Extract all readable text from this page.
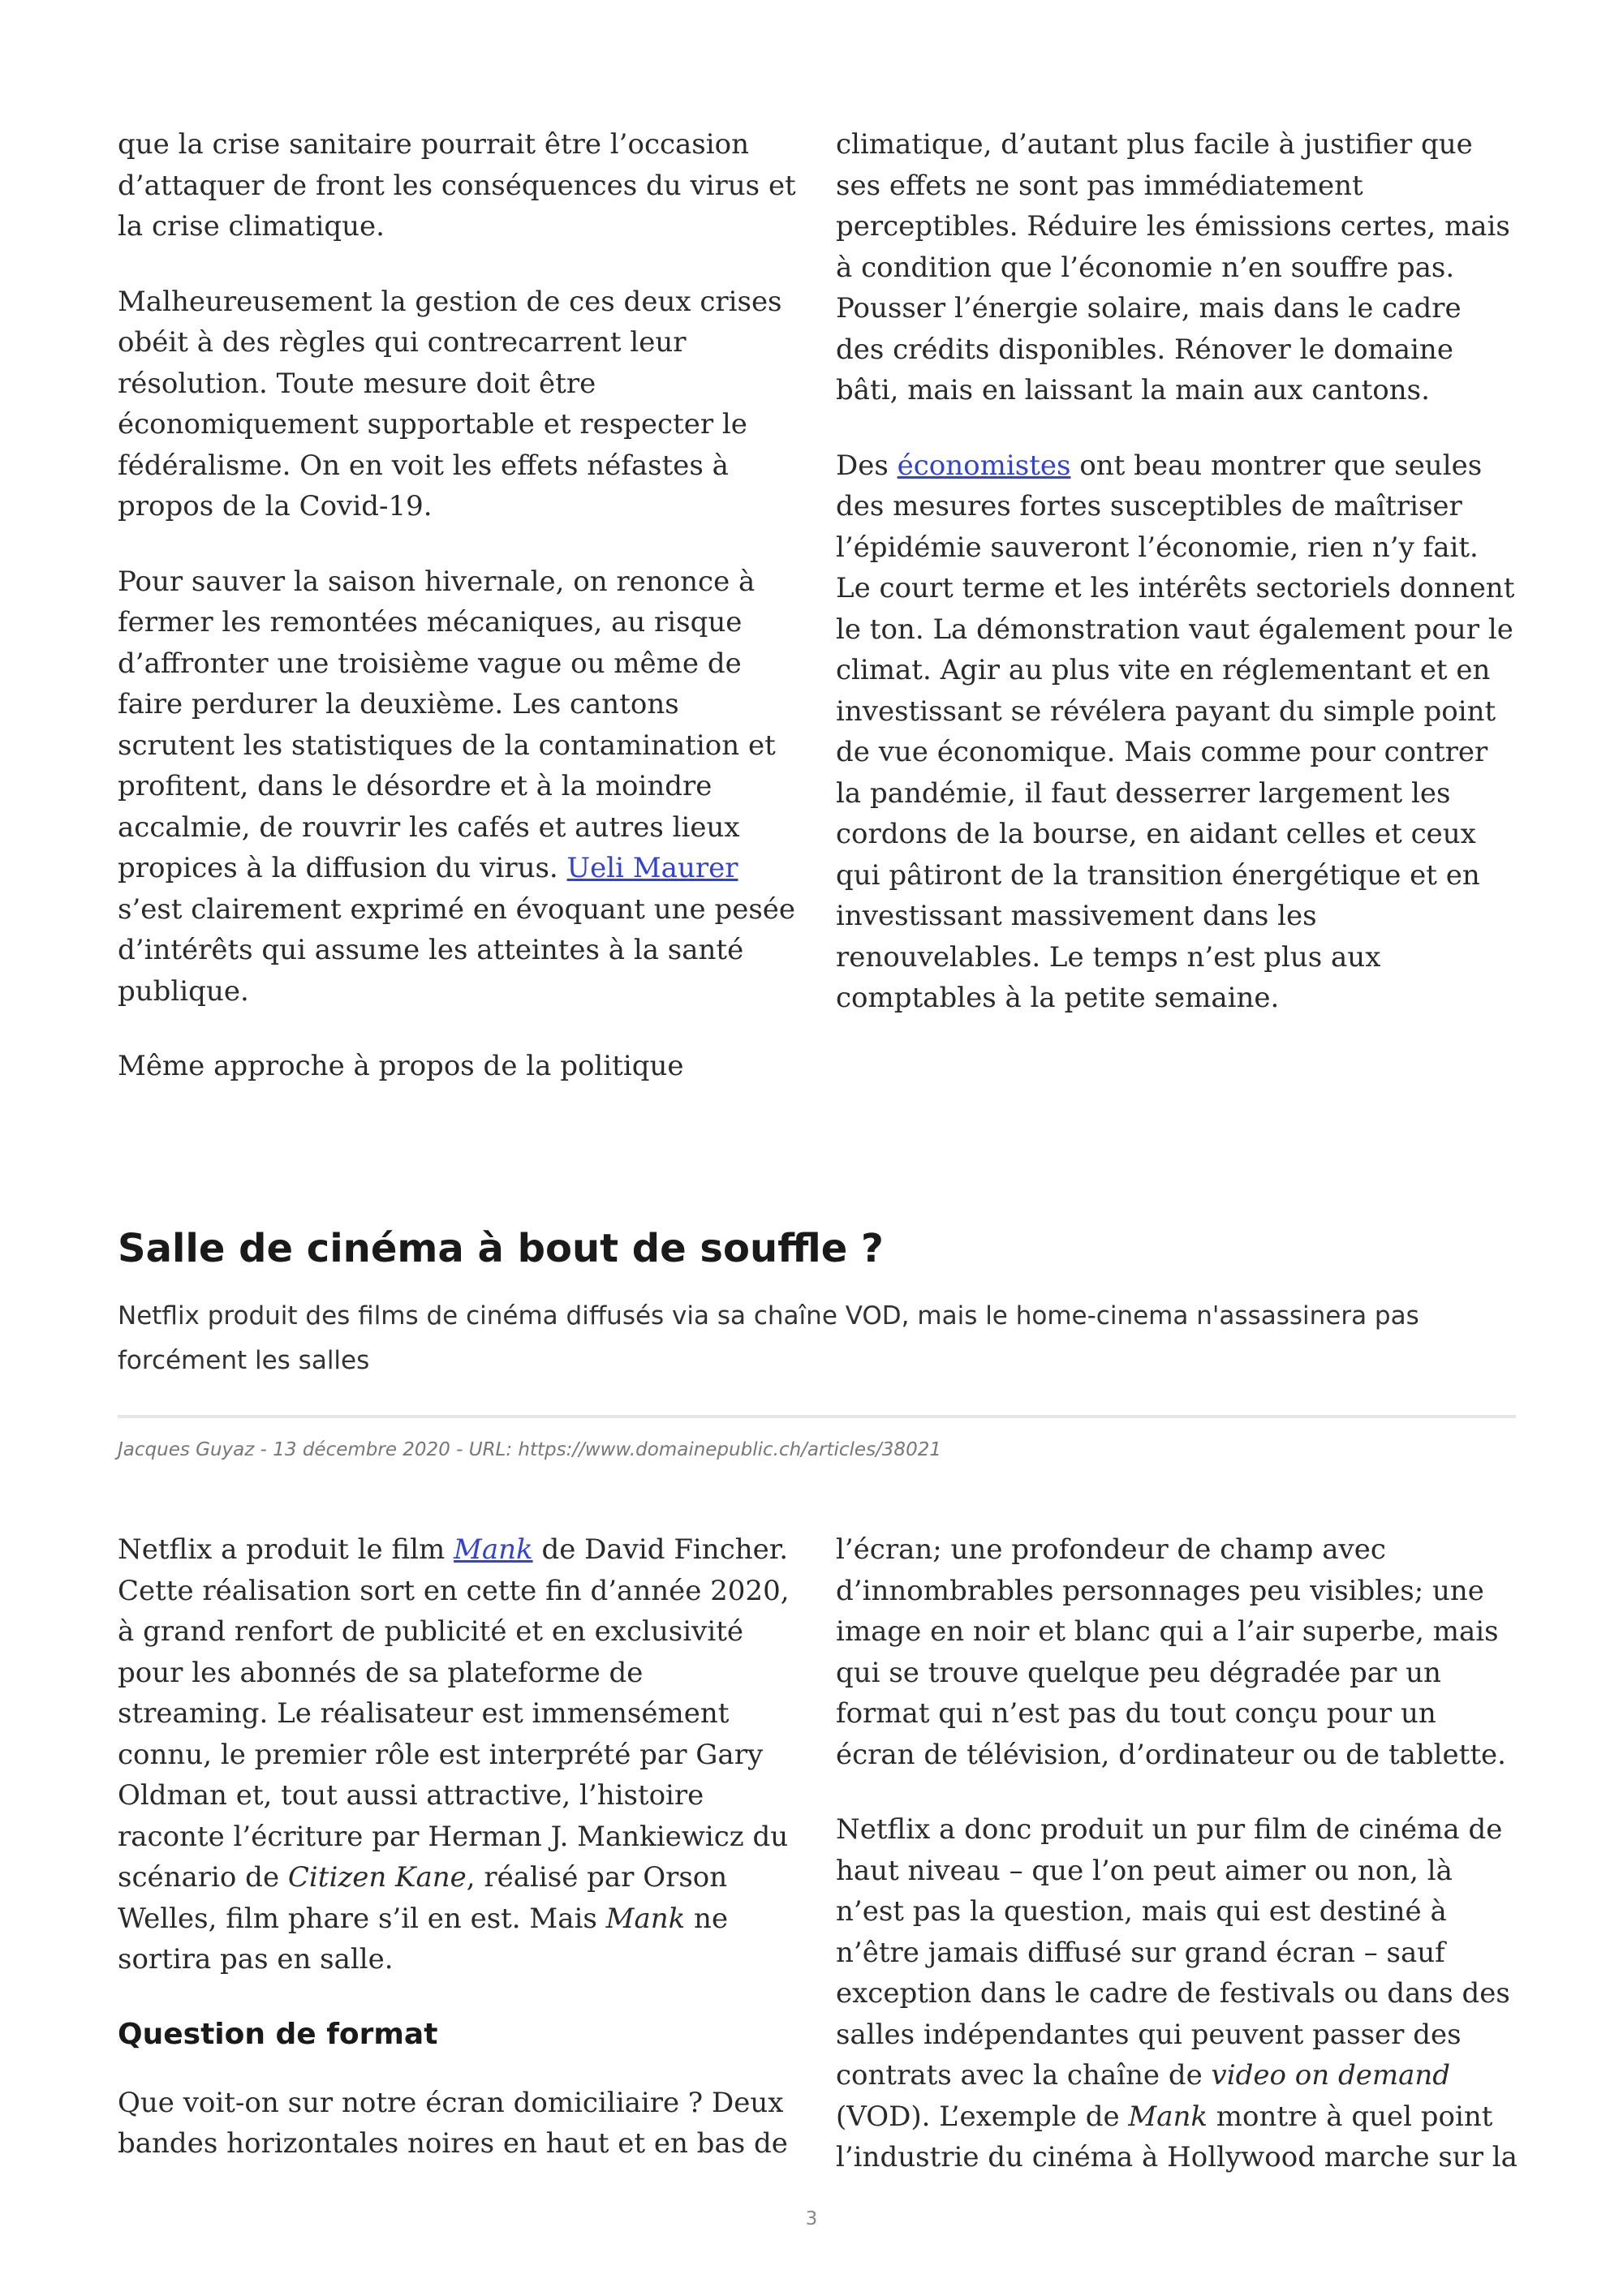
que la crise sanitaire pourrait être l’occasion d’attaquer de front les conséquences du virus et la crise climatique.

Malheureusement la gestion de ces deux crises obéit à des règles qui contrecarrent leur résolution. Toute mesure doit être économiquement supportable et respecter le fédéralisme. On en voit les effets néfastes à propos de la Covid-19.

Pour sauver la saison hivernale, on renonce à fermer les remontées mécaniques, au risque d’affronter une troisième vague ou même de faire perdurer la deuxième. Les cantons scrutent les statistiques de la contamination et profitent, dans le désordre et à la moindre accalmie, de rouvrir les cafés et autres lieux propices à la diffusion du virus. Ueli Maurer s’est clairement exprimé en évoquant une pesée d’intérêts qui assume les atteintes à la santé publique.

Même approche à propos de la politique

climatique, d’autant plus facile à justifier que ses effets ne sont pas immédiatement perceptibles. Réduire les émissions certes, mais à condition que l’économie n’en souffre pas. Pousser l’énergie solaire, mais dans le cadre des crédits disponibles. Rénover le domaine bâti, mais en laissant la main aux cantons.

Des économistes ont beau montrer que seules des mesures fortes susceptibles de maîtriser l’épidémie sauveront l’économie, rien n’y fait. Le court terme et les intérêts sectoriels donnent le ton. La démonstration vaut également pour le climat. Agir au plus vite en réglementant et en investissant se révélera payant du simple point de vue économique. Mais comme pour contrer la pandémie, il faut desserrer largement les cordons de la bourse, en aidant celles et ceux qui pâtiront de la transition énergétique et en investissant massivement dans les renouvelables. Le temps n’est plus aux comptables à la petite semaine.

Salle de cinéma à bout de souffle ?

Netflix produit des films de cinéma diffusés via sa chaîne VOD, mais le home-cinema n'assassinera pas forcément les salles

Jacques Guyaz - 13 décembre 2020 - URL: https://www.domainepublic.ch/articles/38021

Netflix a produit le film Mank de David Fincher. Cette réalisation sort en cette fin d’année 2020, à grand renfort de publicité et en exclusivité pour les abonnés de sa plateforme de streaming. Le réalisateur est immensément connu, le premier rôle est interprété par Gary Oldman et, tout aussi attractive, l’histoire raconte l’écriture par Herman J. Mankiewicz du scénario de Citizen Kane, réalisé par Orson Welles, film phare s’il en est. Mais Mank ne sortira pas en salle.

Question de format

Que voit-on sur notre écran domiciliaire ? Deux bandes horizontales noires en haut et en bas de

l’écran; une profondeur de champ avec d’innombrables personnages peu visibles; une image en noir et blanc qui a l’air superbe, mais qui se trouve quelque peu dégradée par un format qui n’est pas du tout conçu pour un écran de télévision, d’ordinateur ou de tablette.

Netflix a donc produit un pur film de cinéma de haut niveau – que l’on peut aimer ou non, là n’est pas la question, mais qui est destiné à n’être jamais diffusé sur grand écran – sauf exception dans le cadre de festivals ou dans des salles indépendantes qui peuvent passer des contrats avec la chaîne de video on demand (VOD). L’exemple de Mank montre à quel point l’industrie du cinéma à Hollywood marche sur la

3
